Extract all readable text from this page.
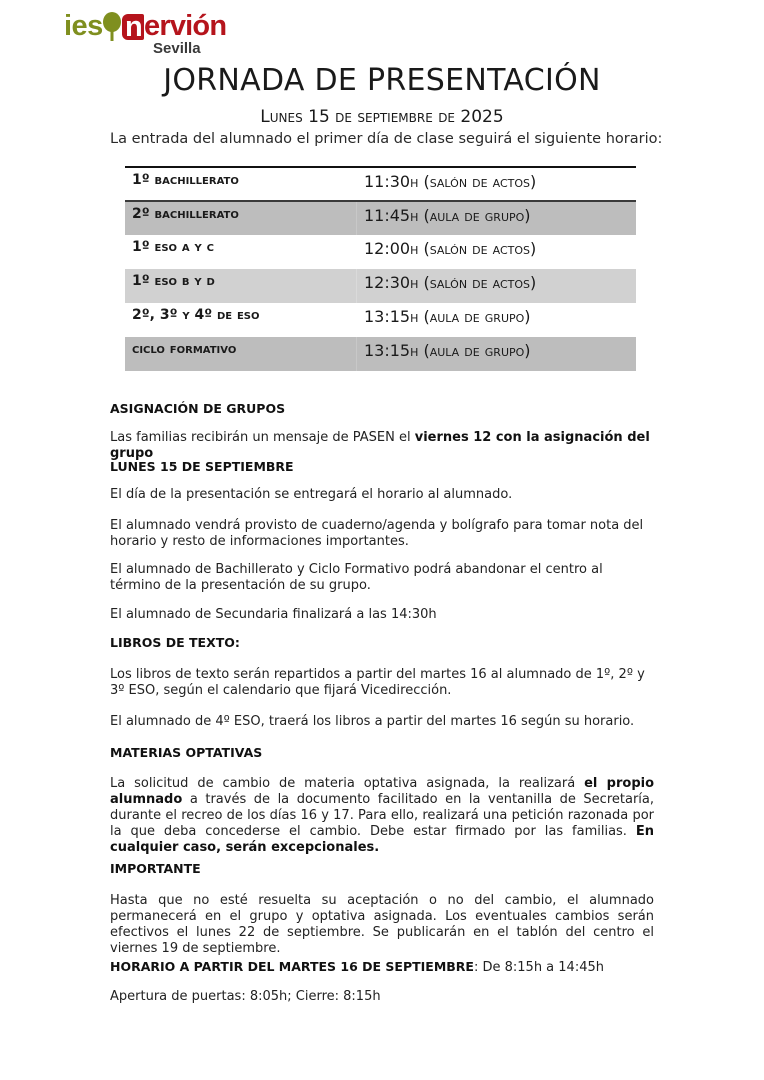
ies n ervión
Sevilla
JORNADA DE PRESENTACIÓN
Lunes 15 de septiembre de 2025
La entrada del alumnado el primer día de clase seguirá el siguiente horario:
1º bachillerato	11:30h (salón de actos)
2º bachillerato	11:45h (aula de grupo)
1º eso a y c	12:00h (salón de actos)
1º eso b y d	12:30h (salón de actos)
2º, 3º y 4º de eso	13:15h (aula de grupo)
ciclo formativo	13:15h (aula de grupo)
ASIGNACIÓN DE GRUPOS
Las familias recibirán un mensaje de PASEN el viernes 12 con la asignación del grupo
LUNES 15 DE SEPTIEMBRE
El día de la presentación se entregará el horario al alumnado.
El alumnado vendrá provisto de cuaderno/agenda y bolígrafo para tomar nota del horario y resto de informaciones importantes.
El alumnado de Bachillerato y Ciclo Formativo podrá abandonar el centro al término de la presentación de su grupo.
El alumnado de Secundaria finalizará a las 14:30h
LIBROS DE TEXTO:
Los libros de texto serán repartidos a partir del martes 16 al alumnado de 1º, 2º y 3º ESO, según el calendario que fijará Vicedirección.
El alumnado de 4º ESO, traerá los libros a partir del martes 16 según su horario.
MATERIAS OPTATIVAS
La solicitud de cambio de materia optativa asignada, la realizará el propio alumnado a través de la documento facilitado en la ventanilla de Secretaría, durante el recreo de los días 16 y 17. Para ello, realizará una petición razonada por la que deba concederse el cambio. Debe estar firmado por las familias. En cualquier caso, serán excepcionales.
IMPORTANTE
Hasta que no esté resuelta su aceptación o no del cambio, el alumnado permanecerá en el grupo y optativa asignada. Los eventuales cambios serán efectivos el lunes 22 de septiembre. Se publicarán en el tablón del centro el viernes 19 de septiembre.
HORARIO A PARTIR DEL MARTES 16 DE SEPTIEMBRE: De 8:15h a 14:45h
Apertura de puertas: 8:05h; Cierre: 8:15h
